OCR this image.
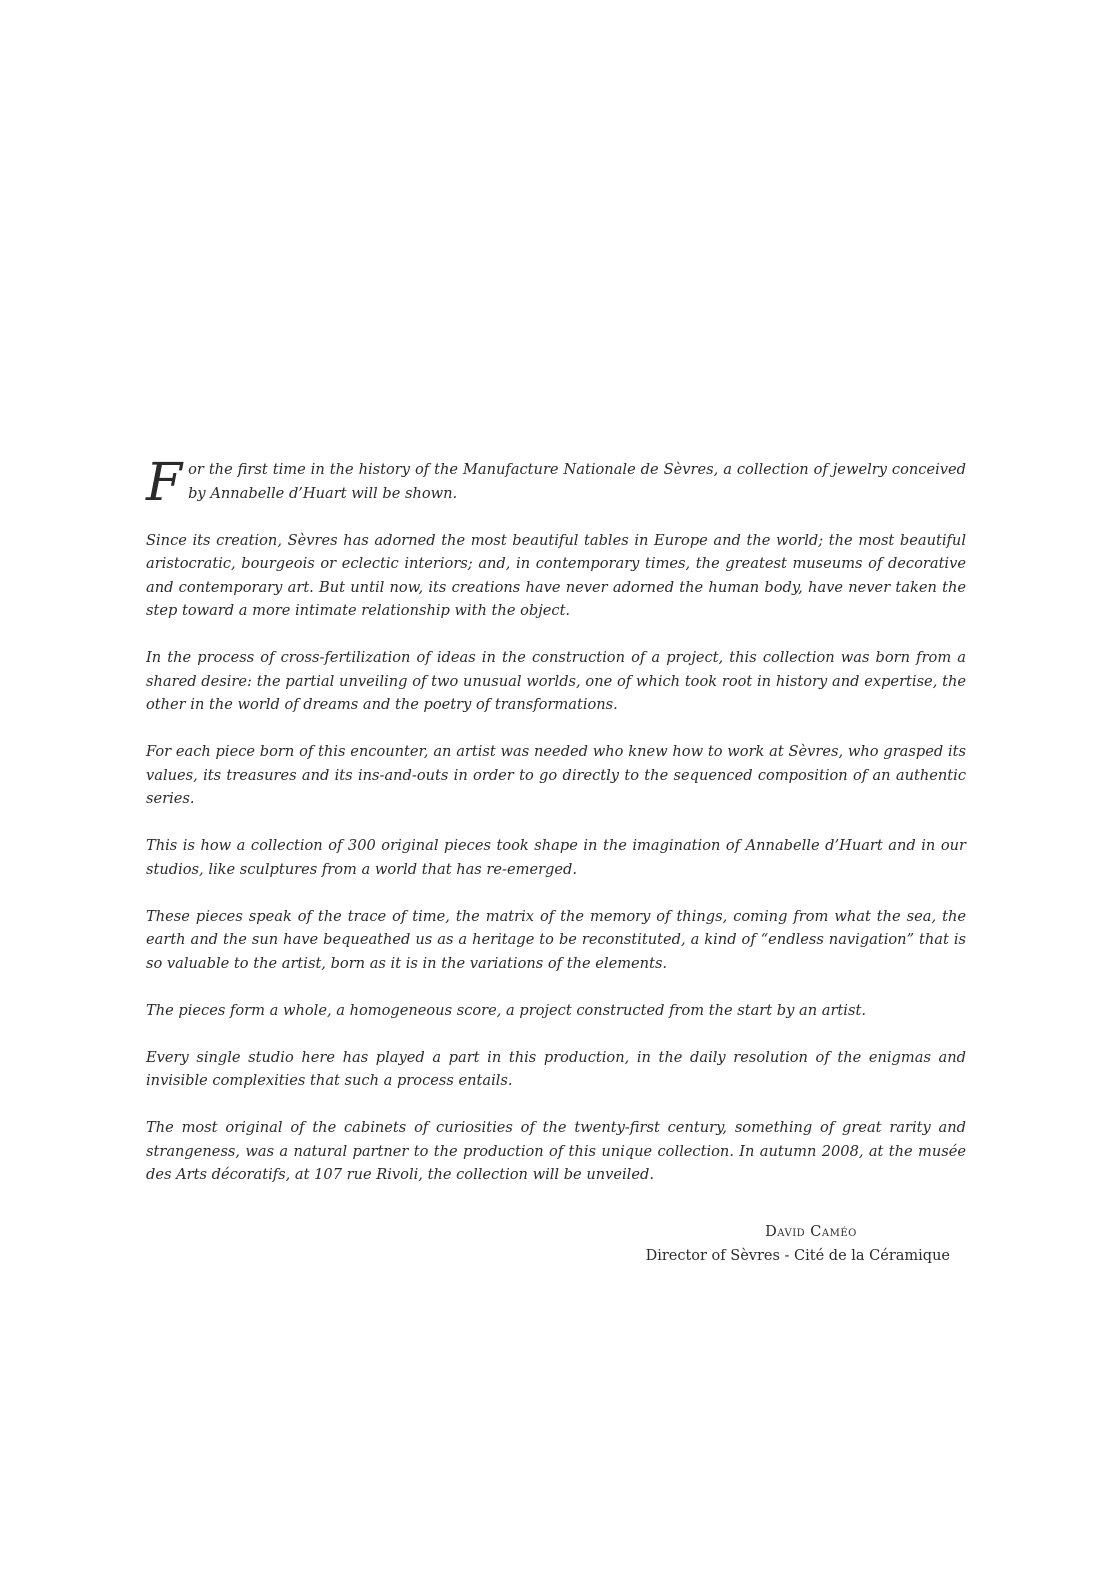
For the first time in the history of the Manufacture Nationale de Sèvres, a collection of jewelry conceived by Annabelle d’Huart will be shown.

Since its creation, Sèvres has adorned the most beautiful tables in Europe and the world; the most beautiful aristocratic, bourgeois or eclectic interiors; and, in contemporary times, the greatest museums of decorative and contemporary art. But until now, its creations have never adorned the human body, have never taken the step toward a more intimate relationship with the object.

In the process of cross-fertilization of ideas in the construction of a project, this collection was born from a shared desire: the partial unveiling of two unusual worlds, one of which took root in history and expertise, the other in the world of dreams and the poetry of transformations.

For each piece born of this encounter, an artist was needed who knew how to work at Sèvres, who grasped its values, its treasures and its ins-and-outs in order to go directly to the sequenced composition of an authentic series.

This is how a collection of 300 original pieces took shape in the imagination of Annabelle d’Huart and in our studios, like sculptures from a world that has re-emerged.

These pieces speak of the trace of time, the matrix of the memory of things, coming from what the sea, the earth and the sun have bequeathed us as a heritage to be reconstituted, a kind of “endless navigation” that is so valuable to the artist, born as it is in the variations of the elements.

The pieces form a whole, a homogeneous score, a project constructed from the start by an artist.

Every single studio here has played a part in this production, in the daily resolution of the enigmas and invisible complexities that such a process entails.

The most original of the cabinets of curiosities of the twenty-first century, something of great rarity and strangeness, was a natural partner to the production of this unique collection. In autumn 2008, at the musée des Arts décoratifs, at 107 rue Rivoli, the collection will be unveiled.

David Caméo
Director of Sèvres - Cité de la Céramique
